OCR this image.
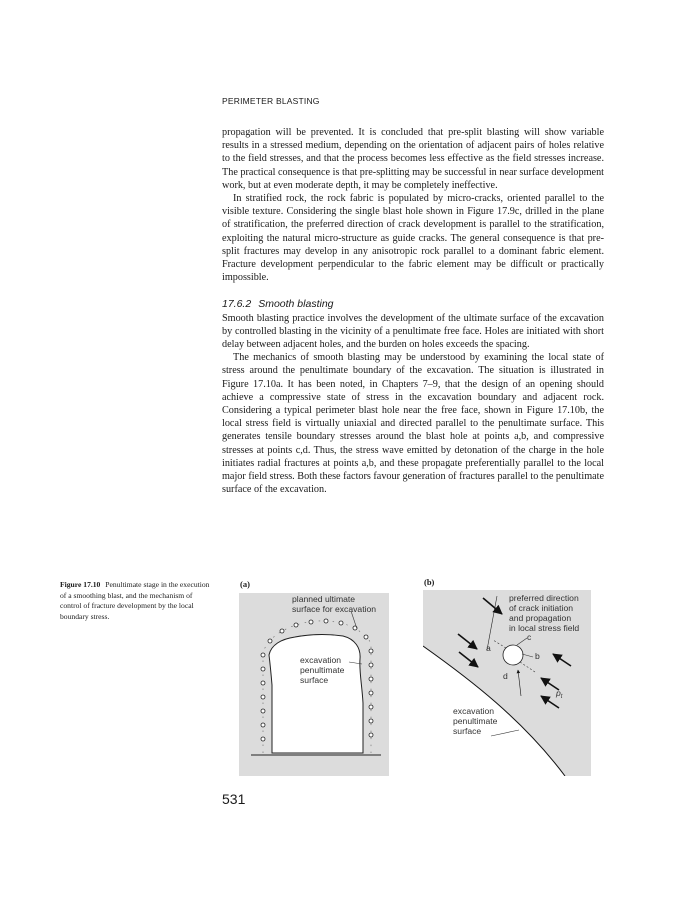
PERIMETER BLASTING

propagation will be prevented. It is concluded that pre-split blasting will show variable results in a stressed medium, depending on the orientation of adjacent pairs of holes relative to the field stresses, and that the process becomes less effective as the field stresses increase. The practical consequence is that pre-splitting may be successful in near surface development work, but at even moderate depth, it may be completely ineffective.

In stratified rock, the rock fabric is populated by micro-cracks, oriented parallel to the visible texture. Considering the single blast hole shown in Figure 17.9c, drilled in the plane of stratification, the preferred direction of crack development is parallel to the stratification, exploiting the natural micro-structure as guide cracks. The general consequence is that pre-split fractures may develop in any anisotropic rock parallel to a dominant fabric element. Fracture development perpendicular to the fabric element may be difficult or practically impossible.

17.6.2 Smooth blasting

Smooth blasting practice involves the development of the ultimate surface of the excavation by controlled blasting in the vicinity of a penultimate free face. Holes are initiated with short delay between adjacent holes, and the burden on holes exceeds the spacing.

The mechanics of smooth blasting may be understood by examining the local state of stress around the penultimate boundary of the excavation. The situation is illustrated in Figure 17.10a. It has been noted, in Chapters 7–9, that the design of an opening should achieve a compressive state of stress in the excavation boundary and adjacent rock. Considering a typical perimeter blast hole near the free face, shown in Figure 17.10b, the local stress field is virtually uniaxial and directed parallel to the penultimate surface. This generates tensile boundary stresses around the blast hole at points a,b, and compressive stresses at points c,d. Thus, the stress wave emitted by detonation of the charge in the hole initiates radial fractures at points a,b, and these propagate preferentially parallel to the local major field stress. Both these factors favour generation of fractures parallel to the penultimate surface of the excavation.

Figure 17.10 Penultimate stage in the execution of a smoothing blast, and the mechanism of control of fracture development by the local boundary stress.
(a)	(b)
planned ultimate
surface for excavation
excavation
penultimate
surface
preferred direction
of crack initiation
and propagation
in local stress field
a
b
c
d
$p_t$
excavation
penultimate
surface
531
